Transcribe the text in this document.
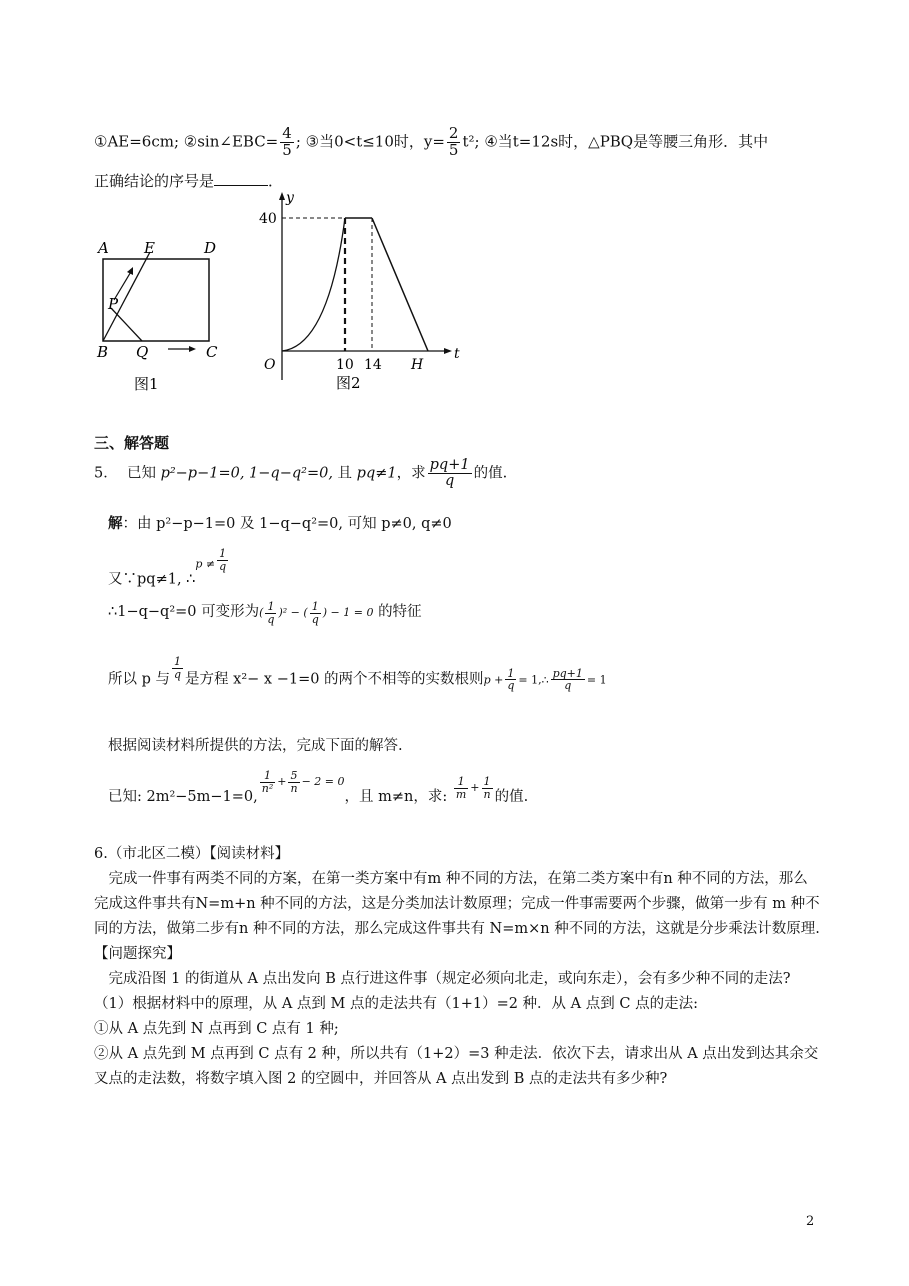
①AE=6cm; ②sin∠EBC= $\frac{4}{5}$ ; ③当0<t≤10时，$y= \frac{2}{5} t^2$; ④当t=12s时，△PBQ是等腰三角形．其中
正确结论的序号是	．
A E	D
P
B Q	C
图1
y
t
40
10 14
O	H
图2
三、解答题
5． 已知 p²−p−1=0, 1−q−q²=0, 且 pq≠1，求 $\frac{pq+1}{q}$ 的值.
解：由 p²−p−1=0 及 1−q−q²=0, 可知 p≠0, q≠0
又∵pq≠1, ∴$^{p \ne}$ $\frac{1}{q}$
∴1−q−q²=0 可变形为( $\frac{1}{q} )^2$ − ( $\frac{1}{q}$ ) − 1 = 0 的特征
所以 p 与 $\frac{1}{q}$ 是方程 x²− x −1=0 的两个不相等的实数根则$p + \frac{1}{q}$ = 1,∴ $\frac{pq+1}{q} = 1$
根据阅读材料所提供的方法，完成下面的解答.
已知: 2m²−5m−1=0,
$^{\frac{1}{\text{n²}} + \frac{5}{n} - 2 = 0}$，且 m≠n，求: $\frac{1}{m} + \frac{1}{n}$ 的值.
6.（市北区二模）【阅读材料】
完成一件事有两类不同的方案，在第一类方案中有m 种不同的方法，在第二类方案中有n 种不同的方法，那么完成这件事共有N=m+n 种不同的方法，这是分类加法计数原理；完成一件事需要两个步骤，做第一步有 m 种不同的方法，做第二步有n 种不同的方法，那么完成这件事共有 N=m×n 种不同的方法，这就是分步乘法计数原理.
【问题探究】
完成沿图 1 的街道从 A 点出发向 B 点行进这件事（规定必须向北走，或向东走），会有多少种不同的走法?
（1）根据材料中的原理，从 A 点到 M 点的走法共有（1+1）=2 种．从 A 点到 C 点的走法:
①从 A 点先到 N 点再到 C 点有 1 种;
②从 A 点先到 M 点再到 C 点有 2 种，所以共有（1+2）=3 种走法．依次下去，请求出从 A 点出发到达其余交叉点的走法数，将数字填入图 2 的空圆中，并回答从 A 点出发到 B 点的走法共有多少种?
2
